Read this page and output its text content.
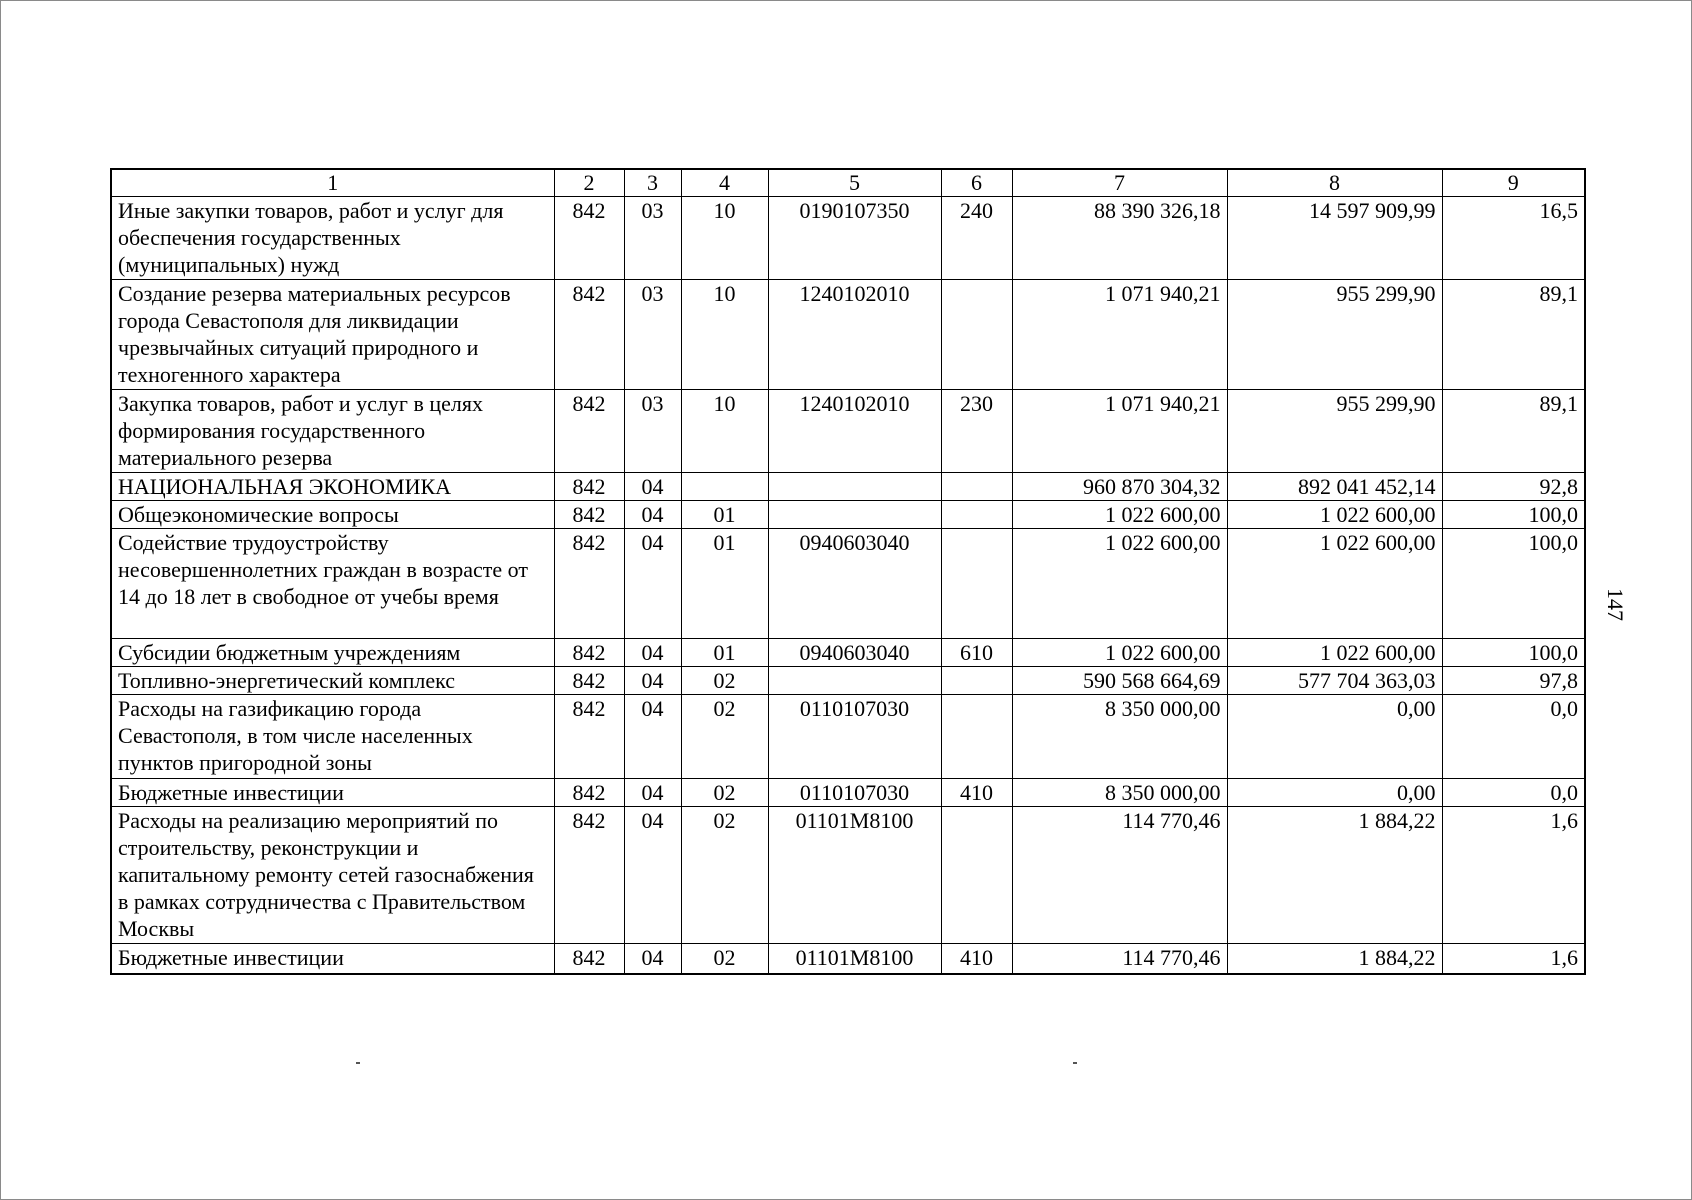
1	2	3	4	5	6	7	8	9
Иные закупки товаров, работ и услуг для обеспечения государственных (муниципальных) нужд	842	03	10	0190107350	240	88 390 326,18	14 597 909,99	16,5
Создание резерва материальных ресурсов города Севастополя для ликвидации чрезвычайных ситуаций природного и техногенного характера	842	03	10	1240102010		1 071 940,21	955 299,90	89,1
Закупка товаров, работ и услуг в целях формирования государственного материального резерва	842	03	10	1240102010	230	1 071 940,21	955 299,90	89,1
НАЦИОНАЛЬНАЯ ЭКОНОМИКА	842	04				960 870 304,32	892 041 452,14	92,8
Общеэкономические вопросы	842	04	01			1 022 600,00	1 022 600,00	100,0
Содействие трудоустройству несовершеннолетних граждан в возрасте от 14 до 18 лет в свободное от учебы время	842	04	01	0940603040		1 022 600,00	1 022 600,00	100,0
Субсидии бюджетным учреждениям	842	04	01	0940603040	610	1 022 600,00	1 022 600,00	100,0
Топливно-энергетический комплекс	842	04	02			590 568 664,69	577 704 363,03	97,8
Расходы на газификацию города Севастополя, в том числе населенных пунктов пригородной зоны	842	04	02	0110107030		8 350 000,00	0,00	0,0
Бюджетные инвестиции	842	04	02	0110107030	410	8 350 000,00	0,00	0,0
Расходы на реализацию мероприятий по строительству, реконструкции и капитальному ремонту сетей газоснабжения в рамках сотрудничества с Правительством Москвы	842	04	02	01101M8100		114 770,46	1 884,22	1,6
Бюджетные инвестиции	842	04	02	01101M8100	410	114 770,46	1 884,22	1,6
147
